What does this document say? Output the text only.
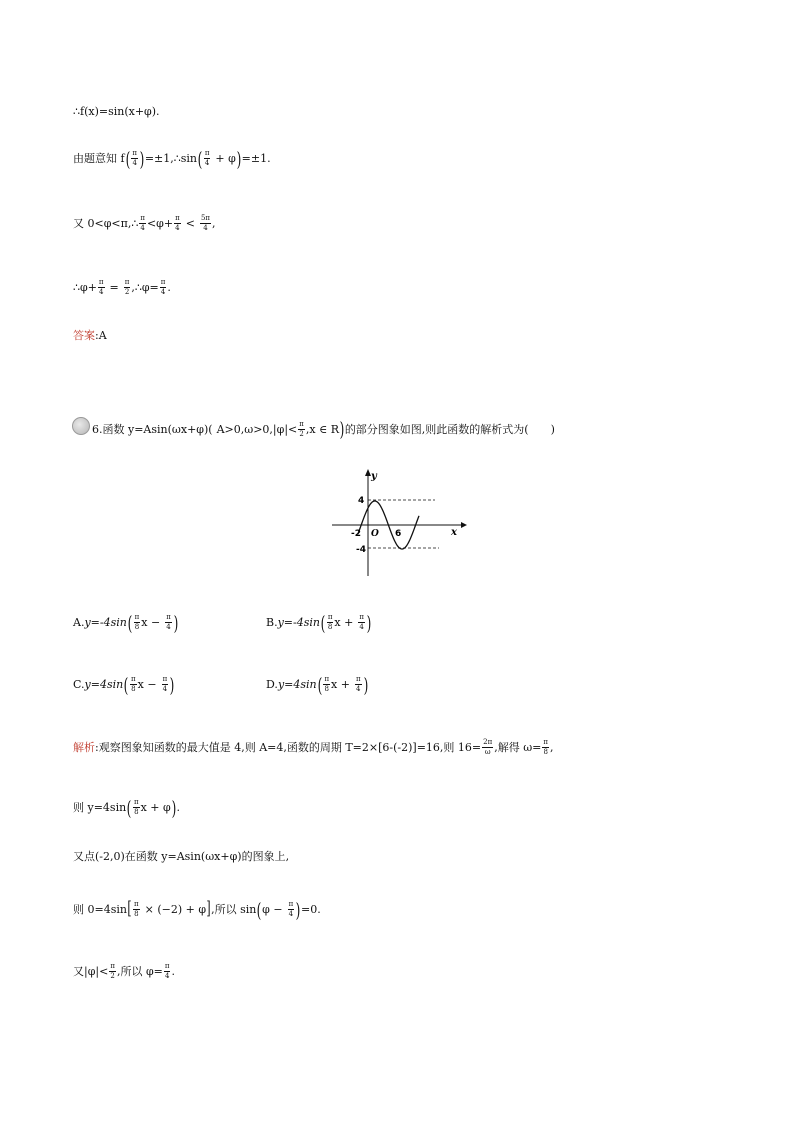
∴f(x)=sin(x+φ).
由题意知 f ( $\frac{\pi}{4}$ ) =±1,∴sin ( $\frac{\pi}{4} + \varphi$ ) =±1.
又 0<φ<π,∴ $\frac{\pi}{4} <\varphi+ \frac{\pi}{4} < \frac{5\pi}{4}$ ,
∴φ+ $\frac{\pi}{4} = \frac{\pi}{2}$ ,∴φ= $\frac{\pi}{4}$ .
答案 :A
6. 函数 y=Asin(ωx+φ)( $A>0,\omega>0,|\varphi|< \frac{\pi}{2} ,x$ ∈ R ) 的部分图象如图,则此函数的解析式为( )
y
x
4
-4
-2 O 6
A. y=-4sin ( $\frac{\pi}{8}$ $x - \frac{\pi}{4}$ )	B. y=-4sin ( $\frac{\pi}{8}$ $x + \frac{\pi}{4}$ )
C. y=4sin ( $\frac{\pi}{8}$ $x - \frac{\pi}{4}$ )	D. y=4sin ( $\frac{\pi}{8}$ $x + \frac{\pi}{4}$ )
解析 :观察图象知函数的最大值是 4,则 A=4,函数的周期 T=2×[6-(-2)]=16,则 $16= \frac{2\pi}{\omega}$ ,解得 $\omega= \frac{\pi}{8}$ ,
则 y=4sin ( $\frac{\pi}{8}$ x + φ ) .
又点(-2,0)在函数 y=Asin(ωx+φ)的图象上,
则 0=4sin [ $\frac{\pi}{8} \times (-2) + \varphi$ ] ,所以 sin ( $\varphi - \frac{\pi}{4}$ ) =0.
又$|\varphi|< \frac{\pi}{2}$ ,所以 $\varphi= \frac{\pi}{4}$ .
